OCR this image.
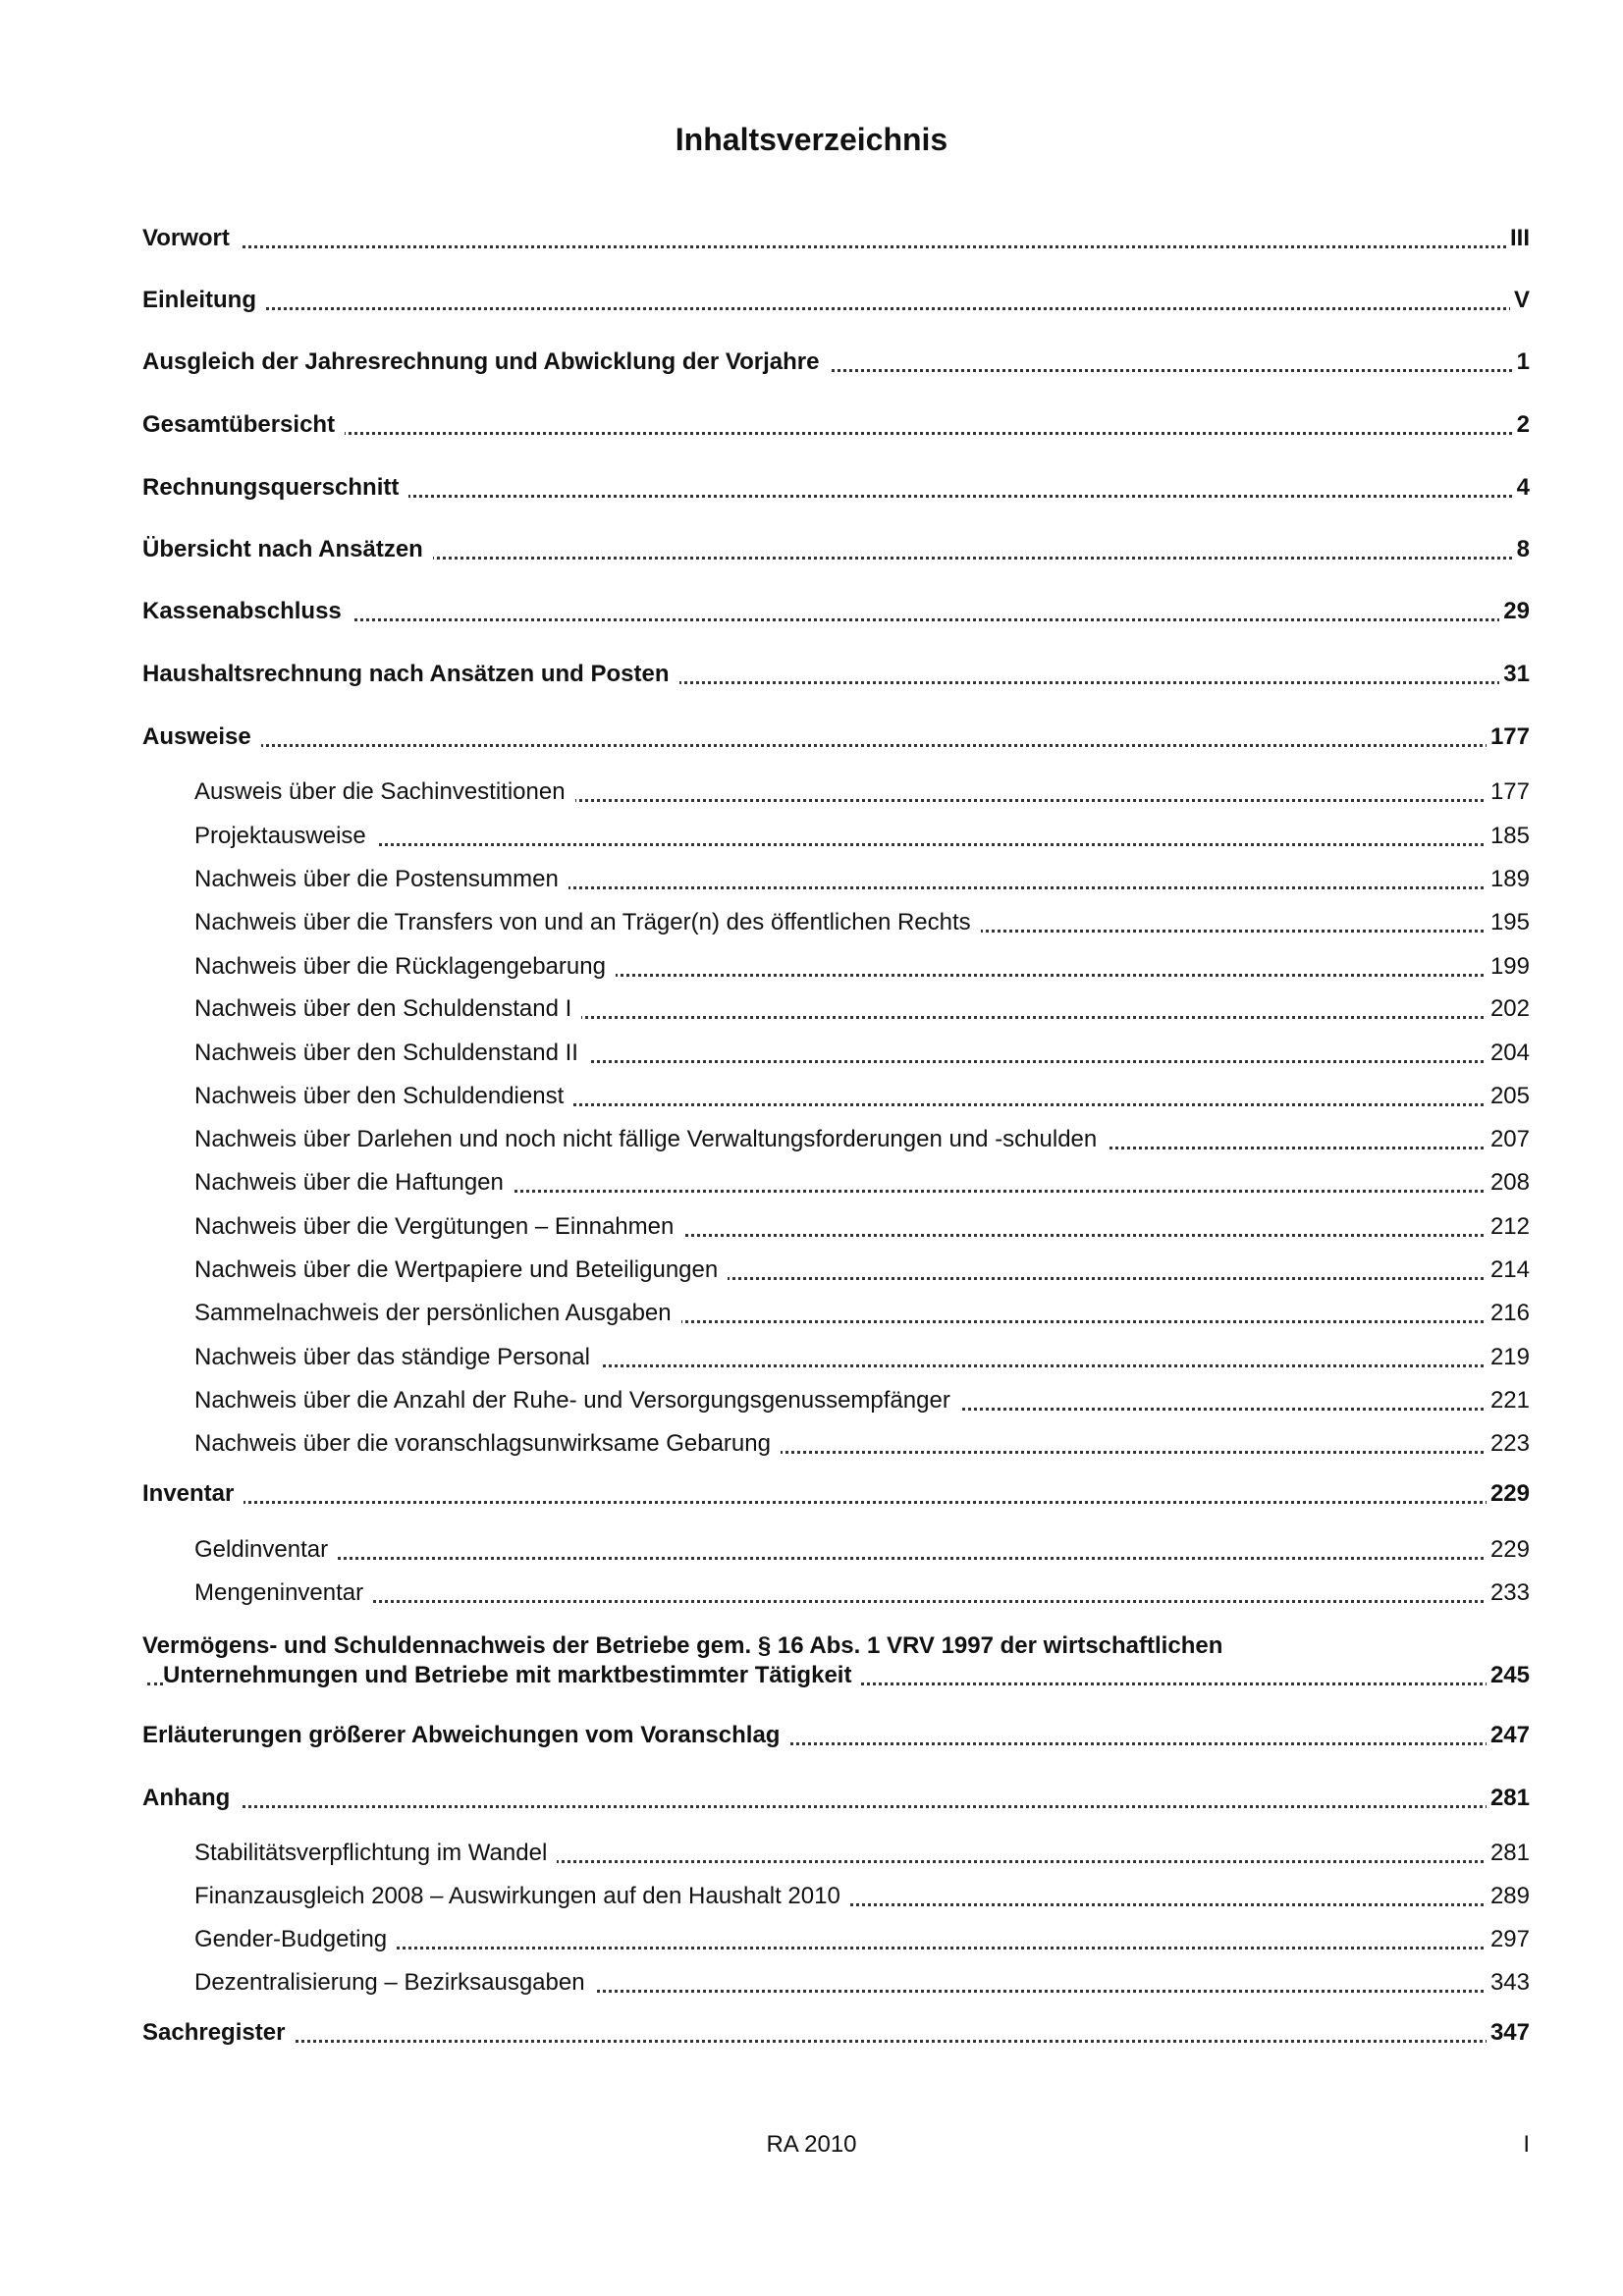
Inhaltsverzeichnis
Vorwort	III
Einleitung	V
Ausgleich der Jahresrechnung und Abwicklung der Vorjahre	1
Gesamtübersicht	2
Rechnungsquerschnitt	4
Übersicht nach Ansätzen	8
Kassenabschluss	29
Haushaltsrechnung nach Ansätzen und Posten	31
Ausweise	177
Ausweis über die Sachinvestitionen	177
Projektausweise	185
Nachweis über die Postensummen	189
Nachweis über die Transfers von und an Träger(n) des öffentlichen Rechts	195
Nachweis über die Rücklagengebarung	199
Nachweis über den Schuldenstand I	202
Nachweis über den Schuldenstand II	204
Nachweis über den Schuldendienst	205
Nachweis über Darlehen und noch nicht fällige Verwaltungsforderungen und -schulden	207
Nachweis über die Haftungen	208
Nachweis über die Vergütungen – Einnahmen	212
Nachweis über die Wertpapiere und Beteiligungen	214
Sammelnachweis der persönlichen Ausgaben	216
Nachweis über das ständige Personal	219
Nachweis über die Anzahl der Ruhe- und Versorgungsgenussempfänger	221
Nachweis über die voranschlagsunwirksame Gebarung	223
Inventar	229
Geldinventar	229
Mengeninventar	233
Vermögens- und Schuldennachweis der Betriebe gem. § 16 Abs. 1 VRV 1997 der wirtschaftlichen
Unternehmungen und Betriebe mit marktbestimmter Tätigkeit	245
Erläuterungen größerer Abweichungen vom Voranschlag	247
Anhang	281
Stabilitätsverpflichtung im Wandel	281
Finanzausgleich 2008 – Auswirkungen auf den Haushalt 2010	289
Gender-Budgeting	297
Dezentralisierung – Bezirksausgaben	343
Sachregister	347
RA 2010	I
